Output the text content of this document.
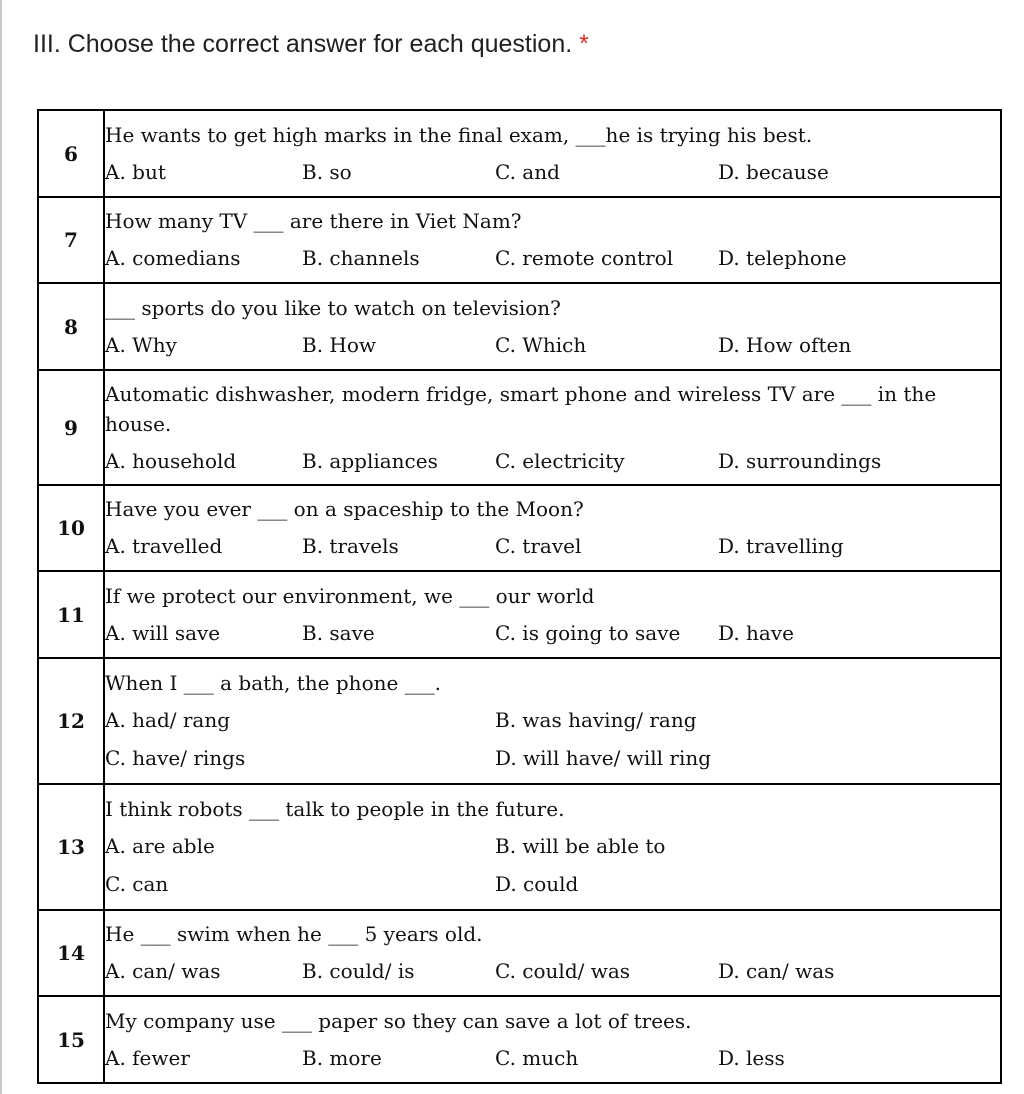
III. Choose the correct answer for each question. *
6	He wants to get high marks in the final exam, ___he is trying his best.
A. but B. so C. and D. because

7	How many TV ___ are there in Viet Nam?
A. comedians B. channels C. remote control D. telephone

8	___ sports do you like to watch on television?
A. Why B. How C. Which D. How often

9	Automatic dishwasher, modern fridge, smart phone and wireless TV are ___ in the house.
A. household B. appliances C. electricity D. surroundings

10	Have you ever ___ on a spaceship to the Moon?
A. travelled B. travels C. travel D. travelling

11	If we protect our environment, we ___ our world
A. will save B. save C. is going to save D. have

12	When I ___ a bath, the phone ___.
A. had/ rang B. was having/ rang
C. have/ rings D. will have/ will ring

13	I think robots ___ talk to people in the future.
A. are able B. will be able to
C. can D. could

14	He ___ swim when he ___ 5 years old.
A. can/ was B. could/ is C. could/ was D. can/ was

15	My company use ___ paper so they can save a lot of trees.
A. fewer B. more C. much D. less
